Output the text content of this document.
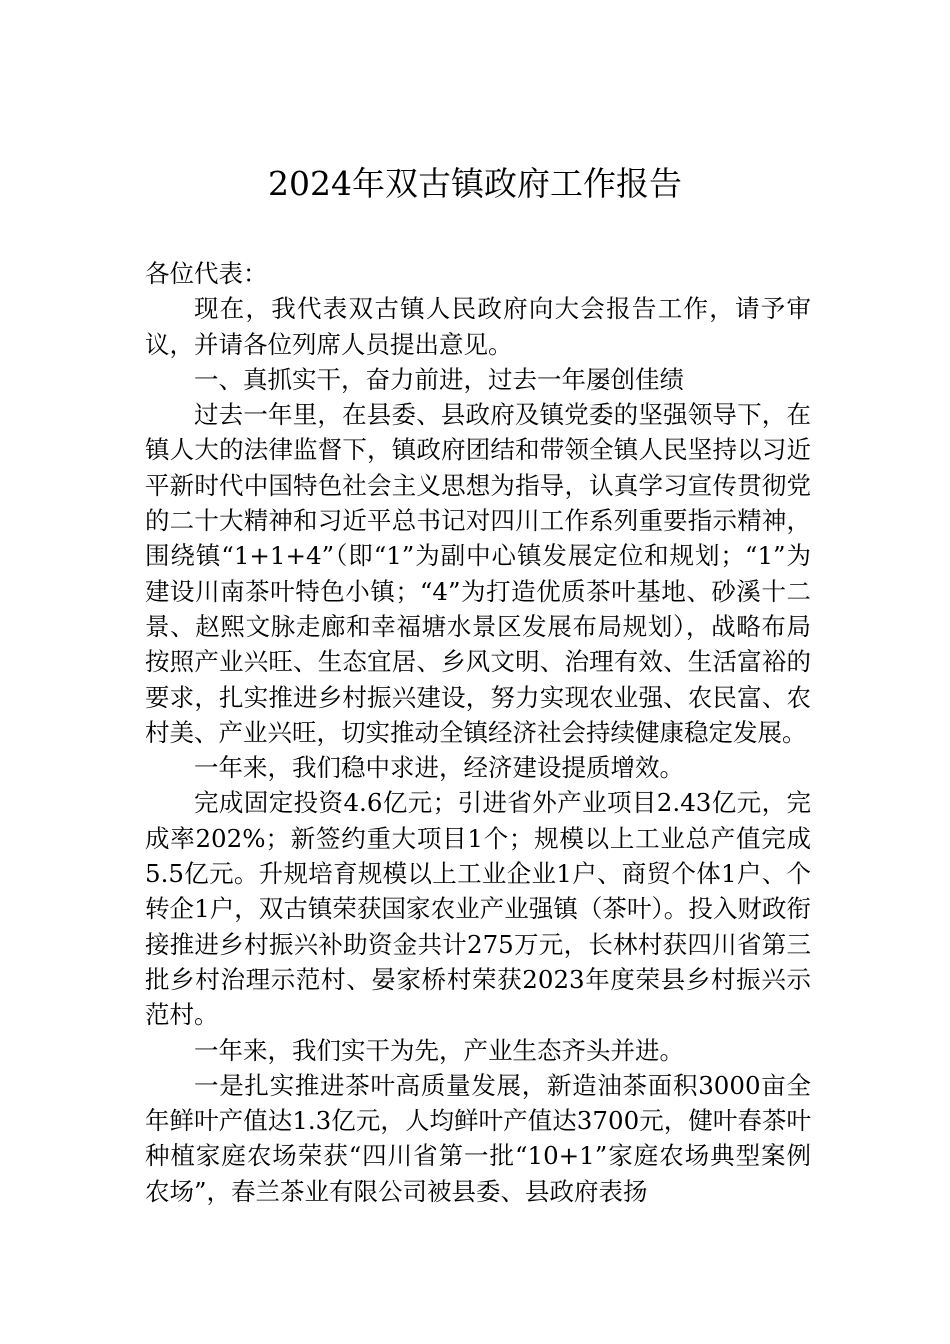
2024年双古镇政府工作报告

各位代表：

现在，我代表双古镇人民政府向大会报告工作，请予审议，并请各位列席人员提出意见。

一、真抓实干，奋力前进，过去一年屡创佳绩

过去一年里，在县委、县政府及镇党委的坚强领导下，在镇人大的法律监督下，镇政府团结和带领全镇人民坚持以习近平新时代中国特色社会主义思想为指导，认真学习宣传贯彻党的二十大精神和习近平总书记对四川工作系列重要指示精神，围绕镇“1+1+4”（即“1”为副中心镇发展定位和规划；“1”为建设川南茶叶特色小镇；“4”为打造优质茶叶基地、砂溪十二景、赵熙文脉走廊和幸福塘水景区发展布局规划），战略布局按照产业兴旺、生态宜居、乡风文明、治理有效、生活富裕的要求，扎实推进乡村振兴建设，努力实现农业强、农民富、农村美、产业兴旺，切实推动全镇经济社会持续健康稳定发展。

一年来，我们稳中求进，经济建设提质增效。

完成固定投资4.6亿元；引进省外产业项目2.43亿元，完成率202%；新签约重大项目1个；规模以上工业总产值完成5.5亿元。升规培育规模以上工业企业1户、商贸个体1户、个转企1户，双古镇荣获国家农业产业强镇（茶叶）。投入财政衔接推进乡村振兴补助资金共计275万元，长林村获四川省第三批乡村治理示范村、晏家桥村荣获2023年度荣县乡村振兴示范村。

一年来，我们实干为先，产业生态齐头并进。

一是扎实推进茶叶高质量发展，新造油茶面积3000亩全年鲜叶产值达1.3亿元，人均鲜叶产值达3700元，健叶春茶叶种植家庭农场荣获“四川省第一批“10+1”家庭农场典型案例农场”，春兰茶业有限公司被县委、县政府表扬
